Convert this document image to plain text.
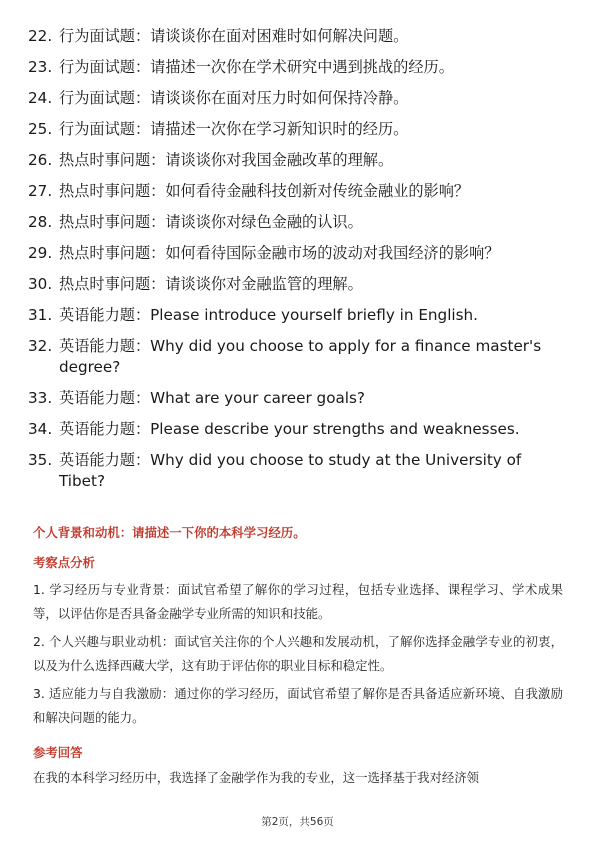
22. 行为面试题：请谈谈你在面对困难时如何解决问题。
23. 行为面试题：请描述一次你在学术研究中遇到挑战的经历。
24. 行为面试题：请谈谈你在面对压力时如何保持冷静。
25. 行为面试题：请描述一次你在学习新知识时的经历。
26. 热点时事问题：请谈谈你对我国金融改革的理解。
27. 热点时事问题：如何看待金融科技创新对传统金融业的影响？
28. 热点时事问题：请谈谈你对绿色金融的认识。
29. 热点时事问题：如何看待国际金融市场的波动对我国经济的影响？
30. 热点时事问题：请谈谈你对金融监管的理解。
31. 英语能力题：Please introduce yourself briefly in English.
32. 英语能力题：Why did you choose to apply for a finance master's degree?
33. 英语能力题：What are your career goals?
34. 英语能力题：Please describe your strengths and weaknesses.
35. 英语能力题：Why did you choose to study at the University of Tibet?
个人背景和动机：请描述一下你的本科学习经历。
考察点分析
1. 学习经历与专业背景：面试官希望了解你的学习过程，包括专业选择、课程学习、学术成果等，以评估你是否具备金融学专业所需的知识和技能。
2. 个人兴趣与职业动机：面试官关注你的个人兴趣和发展动机，了解你选择金融学专业的初衷，以及为什么选择西藏大学，这有助于评估你的职业目标和稳定性。
3. 适应能力与自我激励：通过你的学习经历，面试官希望了解你是否具备适应新环境、自我激励和解决问题的能力。
参考回答
在我的本科学习经历中，我选择了金融学作为我的专业，这一选择基于我对经济领
第2页，共56页
